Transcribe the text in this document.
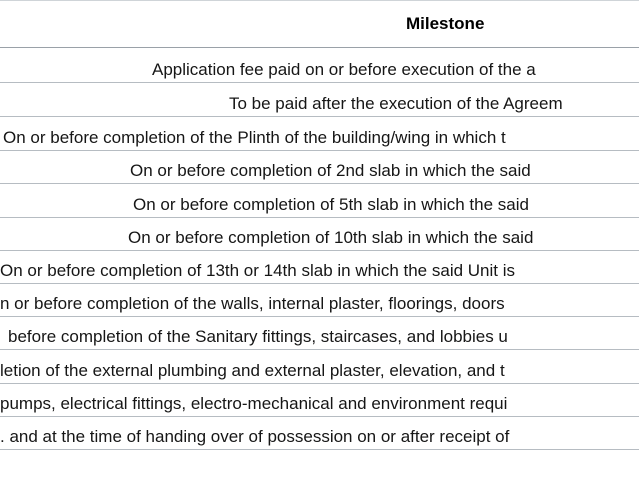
Milestone
Application fee paid on or before execution of the a
To be paid after the execution of the Agreem
On or before completion of the Plinth of the building/wing in which t
On or before completion of 2nd slab in which the said
On or before completion of 5th slab in which the said
On or before completion of 10th slab in which the said
On or before completion of 13th or 14th slab in which the said Unit is
n or before completion of the walls, internal plaster, floorings, doors
before completion of the Sanitary fittings, staircases, and lobbies u
letion of the external plumbing and external plaster, elevation, and t
pumps, electrical fittings, electro-mechanical and environment requi
. and at the time of handing over of possession on or after receipt of
